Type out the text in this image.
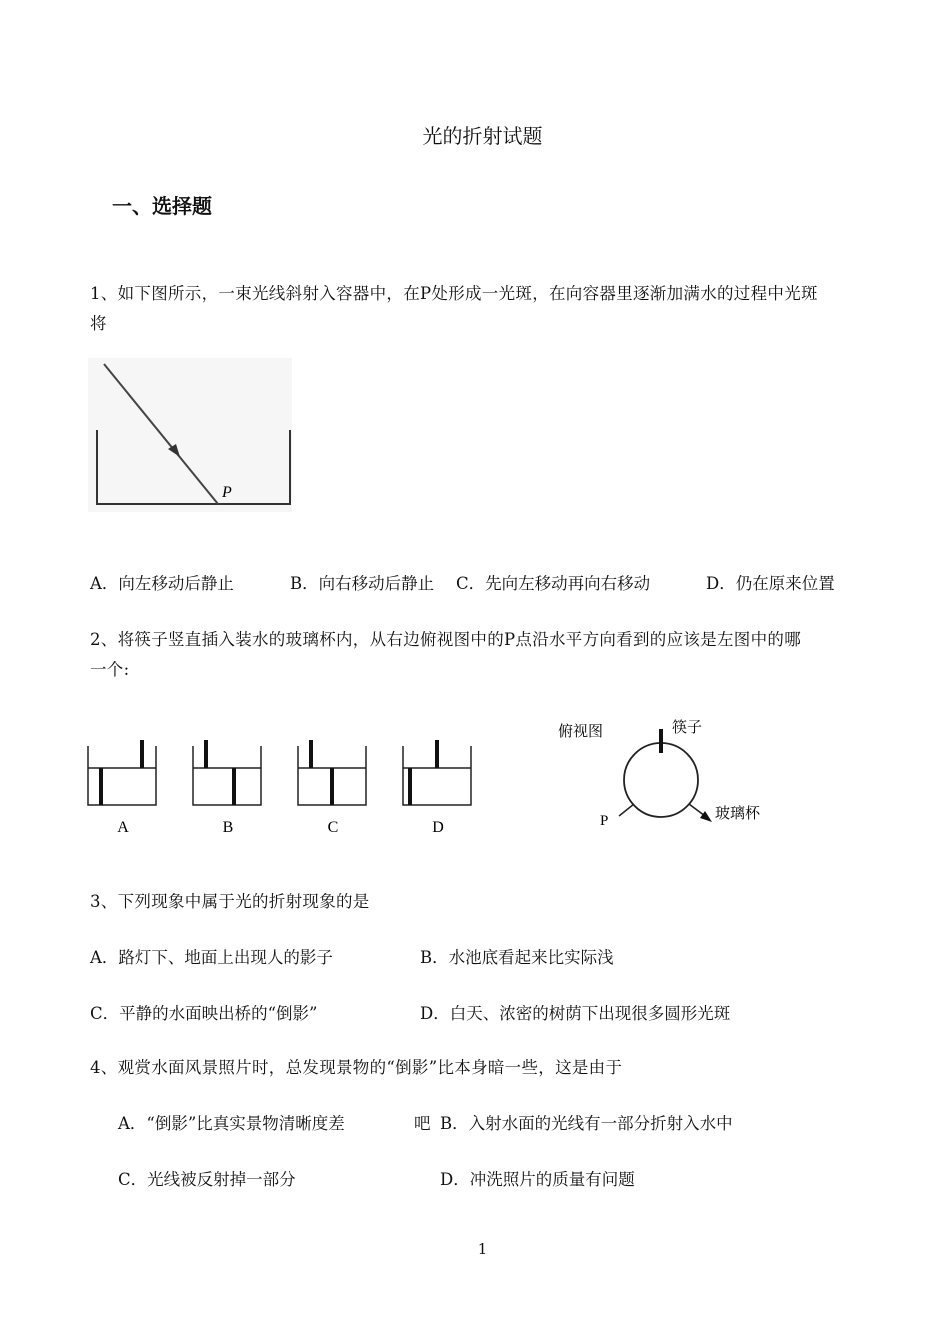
光的折射试题
一、选择题
1、如下图所示，一束光线斜射入容器中，在P处形成一光斑，在向容器里逐渐加满水的过程中光斑
将
P
A．向左移动后静止	B．向右移动后静止 C．先向左移动再向右移动	D．仍在原来位置
2、将筷子竖直插入装水的玻璃杯内，从右边俯视图中的P点沿水平方向看到的应该是左图中的哪
一个:
A	B	C	D
俯视图	筷子
玻璃杯
P
3、下列现象中属于光的折射现象的是
A．路灯下、地面上出现人的影子	B．水池底看起来比实际浅
C．平静的水面映出桥的“倒影”	D．白天、浓密的树荫下出现很多圆形光斑
4、观赏水面风景照片时，总发现景物的“倒影”比本身暗一些，这是由于
A．“倒影”比真实景物清晰度差	吧 B．入射水面的光线有一部分折射入水中
C．光线被反射掉一部分	D．冲洗照片的质量有问题
1
